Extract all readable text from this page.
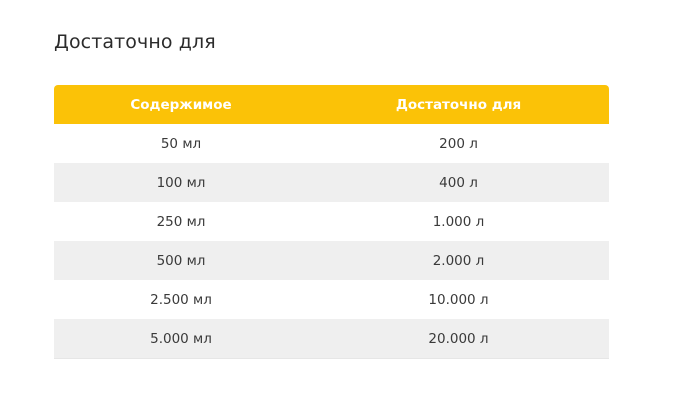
Достаточно для
Содержимое	Достаточно для
50 мл	200 л
100 мл	400 л
250 мл	1.000 л
500 мл	2.000 л
2.500 мл	10.000 л
5.000 мл	20.000 л
